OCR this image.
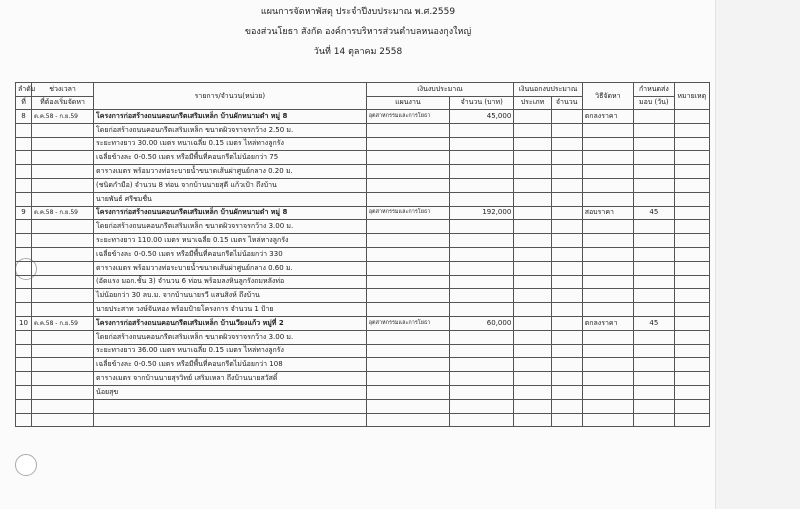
แผนการจัดหาพัสดุ ประจำปีงบประมาณ พ.ศ.2559
ของส่วนโยธา สังกัด องค์การบริหารส่วนตำบลหนองกุงใหญ่
วันที่ 14 ตุลาคม 2558
ลำดับ	ช่วงเวลา	รายการ/จำนวน(หน่วย)	เงินงบประมาณ		เงินนอกงบประมาณ		วิธีจัดหา	กำหนดส่ง	หมายเหตุ
ที่	ที่ต้องเริ่มจัดหา		แผนงาน	จำนวน (บาท)	ประเภท	จำนวน		มอบ (วัน)	
8	ต.ค.58 - ก.ย.59	โครงการก่อสร้างถนนคอนกรีตเสริมเหล็ก บ้านผักหนามดำ หมู่ 8	อุตสาหกรรมและการโยธา	45,000			ตกลงราคา		
		โดยก่อสร้างถนนคอนกรีตเสริมเหล็ก ขนาดผิวจราจรกว้าง 2.50 ม.							
		ระยะทางยาว 30.00 เมตร หนาเฉลี่ย 0.15 เมตร ไหล่ทางลูกรัง							
		เฉลี่ยข้างละ 0-0.50 เมตร หรือมีพื้นที่คอนกรีตไม่น้อยกว่า 75							
		ตารางเมตร พร้อมวางท่อระบายน้ำขนาดเส้นผ่าศูนย์กลาง 0.20 ม.							
		(ชนิดกำมือ) จำนวน 8 ท่อน จากบ้านนายสุดี แก้วเป้า ถึงบ้าน							
		นายพันธ์ ศรีชมชื่น							
9	ต.ค.58 - ก.ย.59	โครงการก่อสร้างถนนคอนกรีตเสริมเหล็ก บ้านผักหนามดำ หมู่ 8	อุตสาหกรรมและการโยธา	192,000			สอบราคา	45	
		โดยก่อสร้างถนนคอนกรีตเสริมเหล็ก ขนาดผิวจราจรกว้าง 3.00 ม.							
		ระยะทางยาว 110.00 เมตร หนาเฉลี่ย 0.15 เมตร ไหล่ทางลูกรัง							
		เฉลี่ยข้างละ 0-0.50 เมตร หรือมีพื้นที่คอนกรีตไม่น้อยกว่า 330							
		ตารางเมตร พร้อมวางท่อระบายน้ำขนาดเส้นผ่าศูนย์กลาง 0.60 ม.							
		(อัดแรง มอก.ชั้น 3) จำนวน 6 ท่อน พร้อมลงหินลูกรังถมหลังท่อ							
		ไม่น้อยกว่า 30 ลบ.ม. จากบ้านนายรวี แสนสิงห์ ถึงบ้าน							
		นายประสาท วงษ์จันทอง พร้อมป้ายโครงการ จำนวน 1 ป้าย							
10	ต.ค.58 - ก.ย.59	โครงการก่อสร้างถนนคอนกรีตเสริมเหล็ก บ้านเวียงแก้ว หมู่ที่ 2	อุตสาหกรรมและการโยธา	60,000			ตกลงราคา	45	
		โดยก่อสร้างถนนคอนกรีตเสริมเหล็ก ขนาดผิวจราจรกว้าง 3.00 ม.							
		ระยะทางยาว 36.00 เมตร หนาเฉลี่ย 0.15 เมตร ไหล่ทางลูกรัง							
		เฉลี่ยข้างละ 0-0.50 เมตร หรือมีพื้นที่คอนกรีตไม่น้อยกว่า 108							
		ตารางเมตร จากบ้านนายสุรวิทย์ เสริมเหลา ถึงบ้านนายสวัสดิ์							
		น้อยสุข							
